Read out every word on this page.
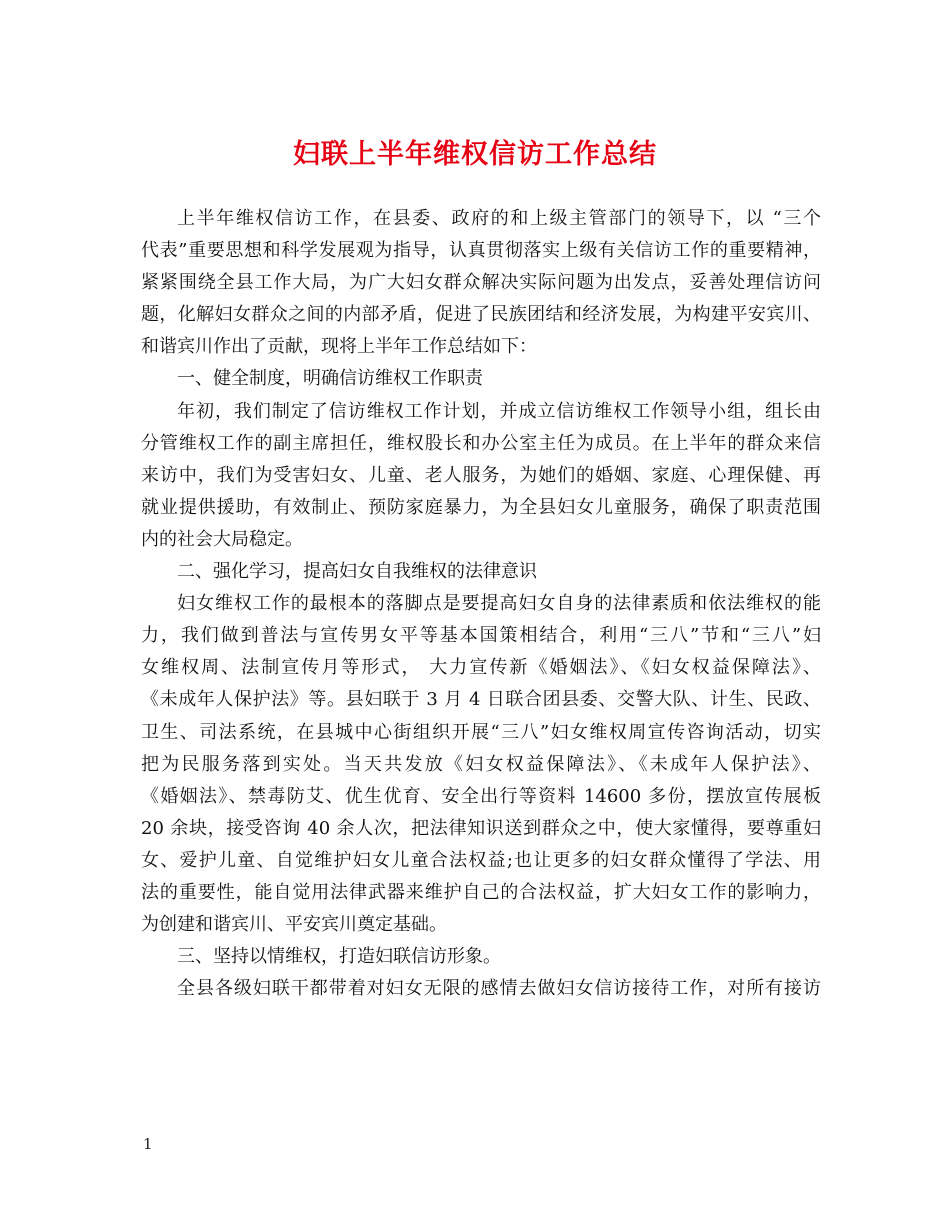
妇联上半年维权信访工作总结
上半年维权信访工作，在县委、政府的和上级主管部门的领导下，以 “三个
代表”重要思想和科学发展观为指导，认真贯彻落实上级有关信访工作的重要精神，
紧紧围绕全县工作大局，为广大妇女群众解决实际问题为出发点，妥善处理信访问
题，化解妇女群众之间的内部矛盾，促进了民族团结和经济发展，为构建平安宾川、
和谐宾川作出了贡献，现将上半年工作总结如下：
一、健全制度，明确信访维权工作职责
年初，我们制定了信访维权工作计划，并成立信访维权工作领导小组，组长由
分管维权工作的副主席担任，维权股长和办公室主任为成员。在上半年的群众来信
来访中，我们为受害妇女、儿童、老人服务，为她们的婚姻、家庭、心理保健、再
就业提供援助，有效制止、预防家庭暴力，为全县妇女儿童服务，确保了职责范围
内的社会大局稳定。
二、强化学习，提高妇女自我维权的法律意识
妇女维权工作的最根本的落脚点是要提高妇女自身的法律素质和依法维权的能
力，我们做到普法与宣传男女平等基本国策相结合，利用“三八”节和“三八”妇
女维权周、法制宣传月等形式， 大力宣传新《婚姻法》、《妇女权益保障法》、
《未成年人保护法》等。县妇联于 3 月 4 日联合团县委、交警大队、计生、民政、
卫生、司法系统，在县城中心街组织开展“三八”妇女维权周宣传咨询活动，切实
把为民服务落到实处。当天共发放《妇女权益保障法》、《未成年人保护法》、
《婚姻法》、禁毒防艾、优生优育、安全出行等资料 14600 多份，摆放宣传展板
20 余块，接受咨询 40 余人次，把法律知识送到群众之中，使大家懂得，要尊重妇
女、爱护儿童、自觉维护妇女儿童合法权益;也让更多的妇女群众懂得了学法、用
法的重要性，能自觉用法律武器来维护自己的合法权益，扩大妇女工作的影响力，
为创建和谐宾川、平安宾川奠定基础。
三、坚持以情维权，打造妇联信访形象。
全县各级妇联干都带着对妇女无限的感情去做妇女信访接待工作，对所有接访
1
